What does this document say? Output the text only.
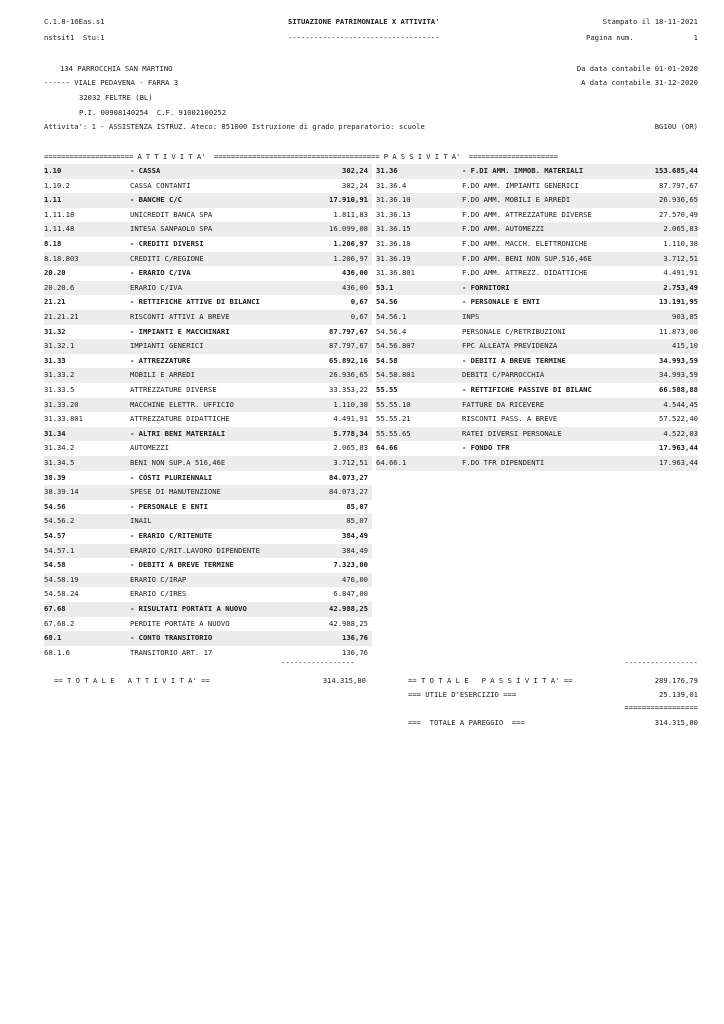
C.1.8-16Eas.s1	SITUAZIONE PATRIMONIALE X ATTIVITA'	Stampato il 18-11-2021
nstsit1  Stu:1	-----------------------------------	Pagina num.	1
134 PARROCCHIA SAN MARTINO	Da data contabile 01-01-2020
------ VIALE PEDAVENA - FARRA 3	A data contabile 31-12-2020
32032 FELTRE (BL)
P.I. 00908140254  C.F. 91002100252
Attivita': 1 - ASSISTENZA ISTRUZ. Ateco: 851000 Istruzione di grado preparatorio: scuole	BG10U (OR)
===================== A T T I V I T A'  ======================================= P A S S I V I T A'  =====================
1.10	- CASSA	302,24
1.10.2	CASSA CONTANTI	302,24
1.11	- BANCHE C/C	17.910,91
1.11.18	UNICREDIT BANCA SPA	1.811,83
1.11.48	INTESA SANPAOLO SPA	16.099,08
8.18	- CREDITI DIVERSI	1.206,97
8.18.803	CREDITI C/REGIONE	1.206,97
20.20	- ERARIO C/IVA	436,00
20.20.6	ERARIO C/IVA	436,00
21.21	- RETTIFICHE ATTIVE DI BILANCI	0,67
21.21.21	RISCONTI ATTIVI A BREVE	0,67
31.32	- IMPIANTI E MACCHINARI	87.797,67
31.32.1	IMPIANTI GENERICI	87.797,67
31.33	- ATTREZZATURE	65.892,16
31.33.2	MOBILI E ARREDI	26.936,65
31.33.5	ATTREZZATURE DIVERSE	33.353,22
31.33.20	MACCHINE ELETTR. UFFICIO	1.110,38
31.33.801	ATTREZZATURE DIDATTICHE	4.491,91
31.34	- ALTRI BENI MATERIALI	5.778,34
31.34.2	AUTOMEZZI	2.065,83
31.34.5	BENI NON SUP.A 516,46E	3.712,51
38.39	- COSTI PLURIENNALI	84.073,27
38.39.14	SPESE DI MANUTENZIONE	84.073,27
54.56	- PERSONALE E ENTI	85,07
54.56.2	INAIL	85,07
54.57	- ERARIO C/RITENUTE	384,49
54.57.1	ERARIO C/RIT.LAVORO DIPENDENTE	384,49
54.58	- DEBITI A BREVE TERMINE	7.323,00
54.58.19	ERARIO C/IRAP	476,00
54.58.24	ERARIO C/IRES	6.847,00
67.68	- RISULTATI PORTATI A NUOVO	42.988,25
67.68.2	PERDITE PORTATE A NUOVO	42.988,25
68.1	- CONTO TRANSITORIO	136,76
68.1.6	TRANSITORIO ART. 17	136,76
31.36	- F.DI AMM. IMMOB. MATERIALI	153.685,44
31.36.4	F.DO AMM. IMPIANTI GENERICI	87.797,67
31.36.10	F.DO AMM. MOBILI E ARREDI	26.936,65
31.36.13	F.DO AMM. ATTREZZATURE DIVERSE	27.570,49
31.36.15	F.DO AMM. AUTOMEZZI	2.065,83
31.36.18	F.DO AMM. MACCH. ELETTRONICHE	1.110,38
31.36.19	F.DO AMM. BENI NON SUP.516,46E	3.712,51
31.36.801	F.DO AMM. ATTREZZ. DIDATTICHE	4.491,91
53.1	- FORNITORI	2.753,49
54.56	- PERSONALE E ENTI	13.191,95
54.56.1	INPS	903,85
54.56.4	PERSONALE C/RETRIBUZIONI	11.873,00
54.56.807	FPC ALLEATA PREVIDENZA	415,10
54.58	- DEBITI A BREVE TERMINE	34.993,59
54.58.801	DEBITI C/PARROCCHIA	34.993,59
55.55	- RETTIFICHE PASSIVE DI BILANC	66.588,88
55.55.10	FATTURE DA RICEVERE	4.544,45
55.55.21	RISCONTI PASS. A BREVE	57.522,40
55.55.65	RATEI DIVERSI PERSONALE	4.522,03
64.66	- FONDO TFR	17.963,44
64.66.1	F.DO TFR DIPENDENTI	17.963,44
-----------------	-----------------
== T O T A L E   A T T I V I T A' ==	314.315,80	== T O T A L E   P A S S I V I T A' ==	289.176,79
=== UTILE D'ESERCIZIO ===	25.139,01
=================
===  TOTALE A PAREGGIO  ===	314.315,80
